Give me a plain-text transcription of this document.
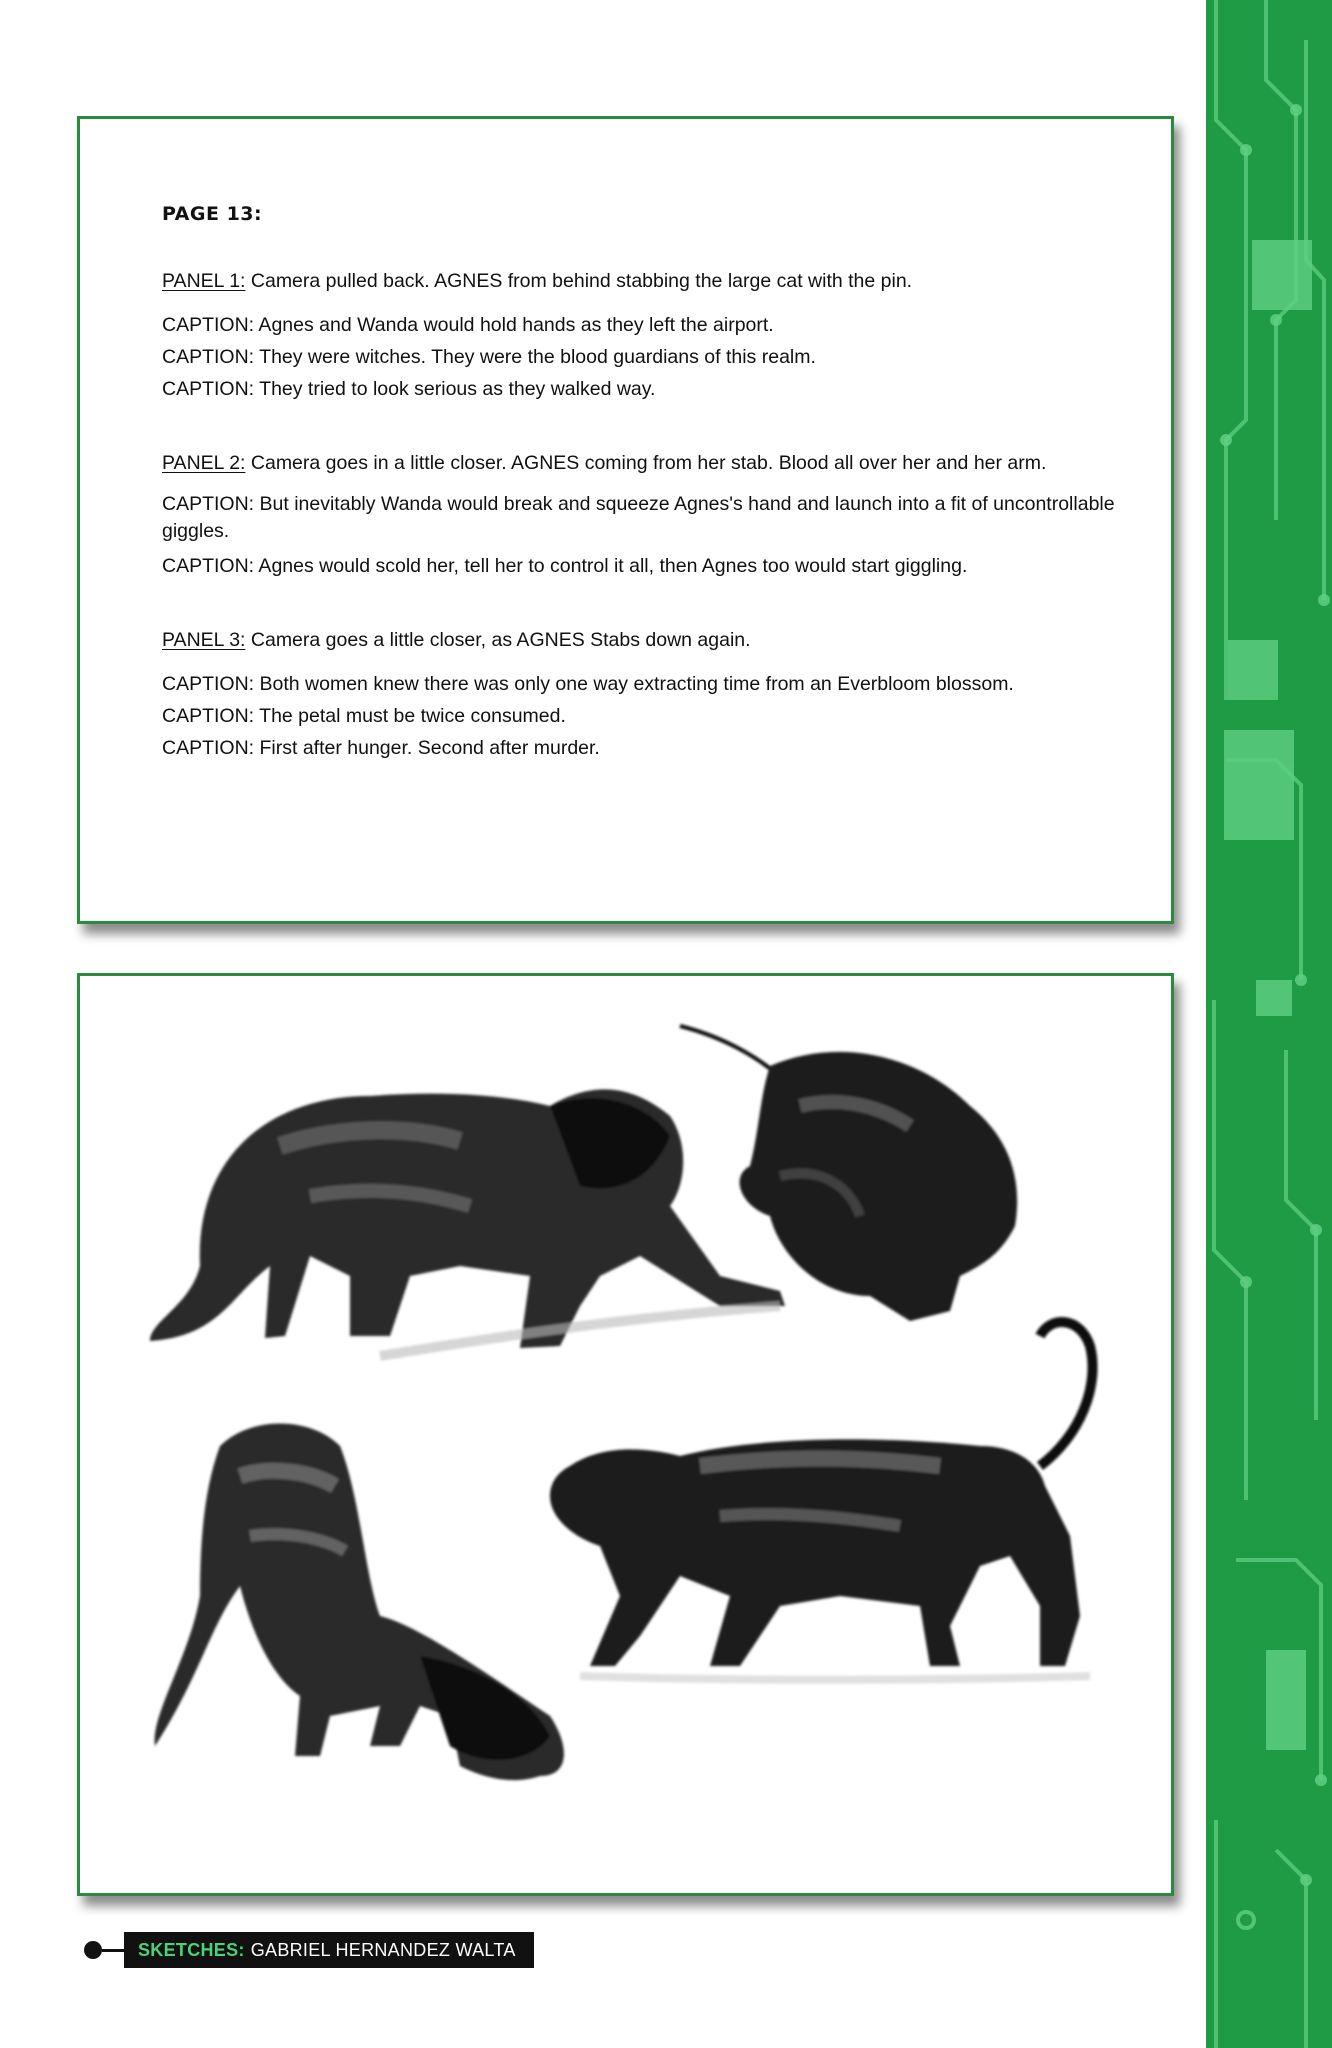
PAGE 13:

PANEL 1: Camera pulled back. AGNES from behind stabbing the large cat with the pin.

CAPTION: Agnes and Wanda would hold hands as they left the airport.

CAPTION: They were witches. They were the blood guardians of this realm.

CAPTION: They tried to look serious as they walked way.

PANEL 2: Camera goes in a little closer. AGNES coming from her stab. Blood all over her and her arm.

CAPTION: But inevitably Wanda would break and squeeze Agnes's hand and launch into a fit of uncontrollable giggles.

CAPTION: Agnes would scold her, tell her to control it all, then Agnes too would start giggling.

PANEL 3: Camera goes a little closer, as AGNES Stabs down again.

CAPTION: Both women knew there was only one way extracting time from an Everbloom blossom.

CAPTION: The petal must be twice consumed.

CAPTION: First after hunger. Second after murder.

SKETCHES: GABRIEL HERNANDEZ WALTA
